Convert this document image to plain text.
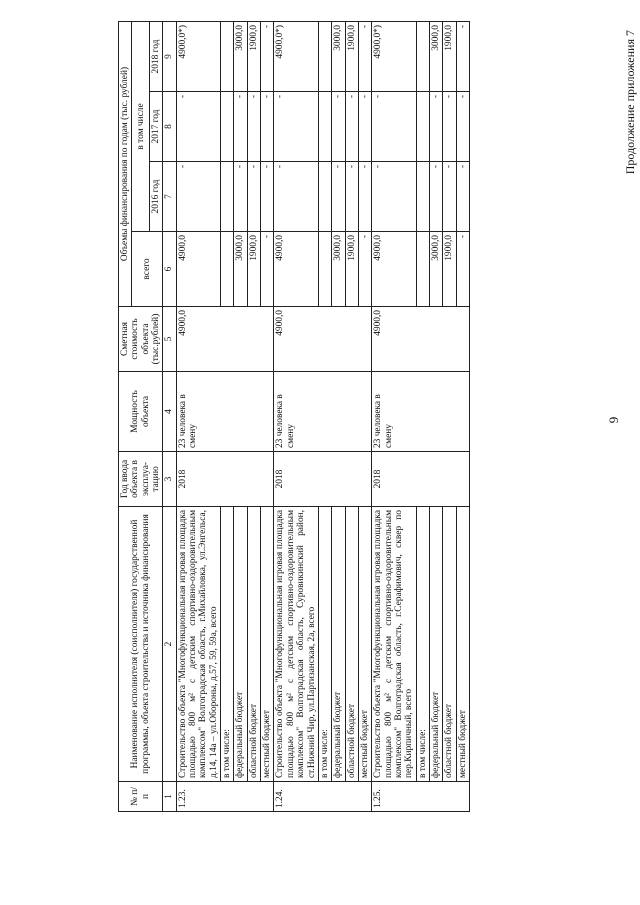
9
Продолжение приложения 7
№ п/п	Наименование исполнителя (соисполнителя) государственной программы, объекта строительства и источника финансирования	Год ввода объекта в эксплуа- тацию	Мощность объекта	Сметная стоимость объекта (тыс.рублей)	Объемы финансирования по годам (тыс. рублей)			
					всего	в том числе		
						2016 год	2017 год	2018 год
1	2	3	4	5	6	7	8	9
1.23.	Строительство объекта "Многофункциональная игровая площадка площадью 800 м² с детским спортивно-оздоровительным комплексом" Волгоградская область, г.Михайловка, ул.Энгельса, д.14, 14а – ул.Обороны, д.57, 59, 59а, всего	2018	23 человека в смену	4900,0	4900,0	-	-	4900,0*)
	в том числе:							
	федеральный бюджет				3000,0	-	-	3000,0
	областной бюджет				1900,0	-	-	1900,0
	местный бюджет				-	-	-	-
1.24.	Строительство объекта "Многофункциональная игровая площадка площадью 800 м² с детским спортивно-оздоровительным комплексом" Волгоградская область, Суровикинский район, ст.Нижний Чир, ул.Партизанская, 2а, всего	2018	23 человека в смену	4900,0	4900,0	-	-	4900,0*)
	в том числе:							
	федеральный бюджет				3000,0	-	-	3000,0
	областной бюджет				1900,0	-	-	1900,0
	местный бюджет				-	-	-	-
1.25.	Строительство объекта "Многофункциональная игровая площадка площадью 800 м² с детским спортивно-оздоровительным комплексом" Волгоградская область, г.Серафимович, сквер по пер.Кирпичный, всего	2018	23 человека в смену	4900,0	4900,0	-	-	4900,0*)
	в том числе:							
	федеральный бюджет				3000,0	-	-	3000,0
	областной бюджет				1900,0	-	-	1900,0
	местный бюджет				-	-	-	-
